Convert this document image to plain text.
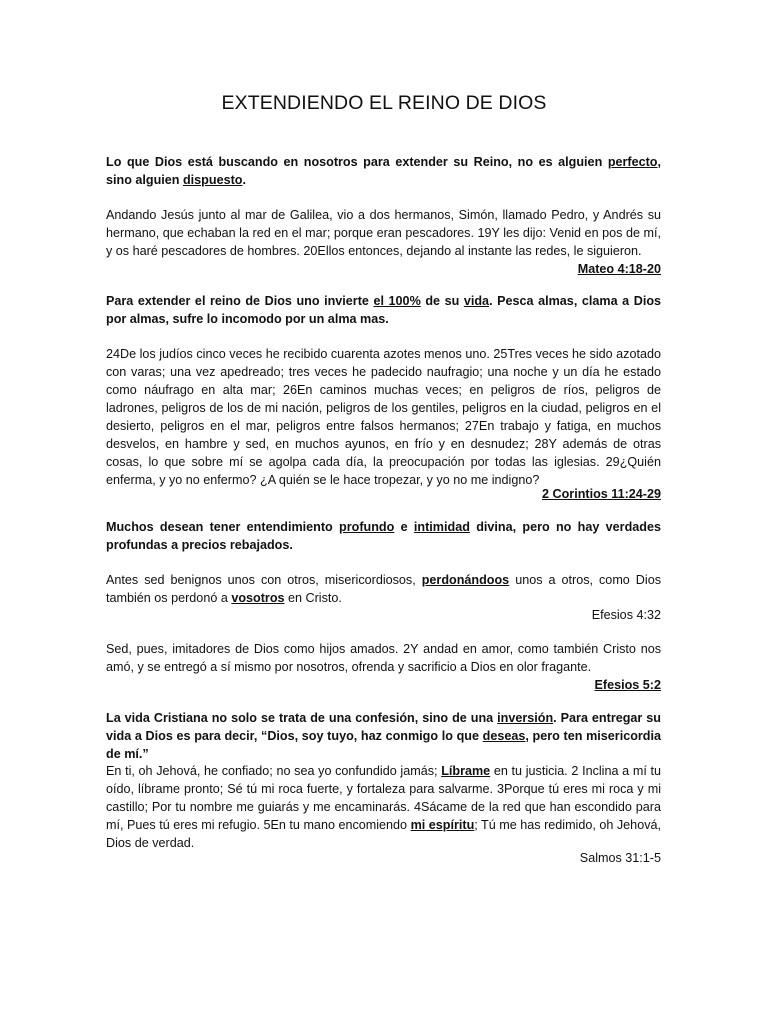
EXTENDIENDO EL REINO DE DIOS
Lo que Dios está buscando en nosotros para extender su Reino, no es alguien perfecto, sino alguien dispuesto.
Andando Jesús junto al mar de Galilea, vio a dos hermanos, Simón, llamado Pedro, y Andrés su hermano, que echaban la red en el mar; porque eran pescadores. 19Y les dijo: Venid en pos de mí, y os haré pescadores de hombres. 20Ellos entonces, dejando al instante las redes, le siguieron.
Mateo 4:18-20
Para extender el reino de Dios uno invierte el 100% de su vida. Pesca almas, clama a Dios por almas, sufre lo incomodo por un alma mas.
24De los judíos cinco veces he recibido cuarenta azotes menos uno. 25Tres veces he sido azotado con varas; una vez apedreado; tres veces he padecido naufragio; una noche y un día he estado como náufrago en alta mar; 26En caminos muchas veces; en peligros de ríos, peligros de ladrones, peligros de los de mi nación, peligros de los gentiles, peligros en la ciudad, peligros en el desierto, peligros en el mar, peligros entre falsos hermanos; 27En trabajo y fatiga, en muchos desvelos, en hambre y sed, en muchos ayunos, en frío y en desnudez; 28Y además de otras cosas, lo que sobre mí se agolpa cada día, la preocupación por todas las iglesias. 29¿Quién enferma, y yo no enfermo? ¿A quién se le hace tropezar, y yo no me indigno?
2 Corintios 11:24-29
Muchos desean tener entendimiento profundo e intimidad divina, pero no hay verdades profundas a precios rebajados.
Antes sed benignos unos con otros, misericordiosos, perdonándoos unos a otros, como Dios también os perdonó a vosotros en Cristo.
Efesios 4:32
Sed, pues, imitadores de Dios como hijos amados. 2Y andad en amor, como también Cristo nos amó, y se entregó a sí mismo por nosotros, ofrenda y sacrificio a Dios en olor fragante.
Efesios 5:2
La vida Cristiana no solo se trata de una confesión, sino de una inversión. Para entregar su vida a Dios es para decir, “Dios, soy tuyo, haz conmigo lo que deseas, pero ten misericordia de mí.”
En ti, oh Jehová, he confiado; no sea yo confundido jamás; Líbrame en tu justicia. 2 Inclina a mí tu oído, líbrame pronto; Sé tú mi roca fuerte, y fortaleza para salvarme. 3Porque tú eres mi roca y mi castillo; Por tu nombre me guiarás y me encaminarás. 4Sácame de la red que han escondido para mí, Pues tú eres mi refugio. 5En tu mano encomiendo mi espíritu; Tú me has redimido, oh Jehová, Dios de verdad.
Salmos 31:1-5
